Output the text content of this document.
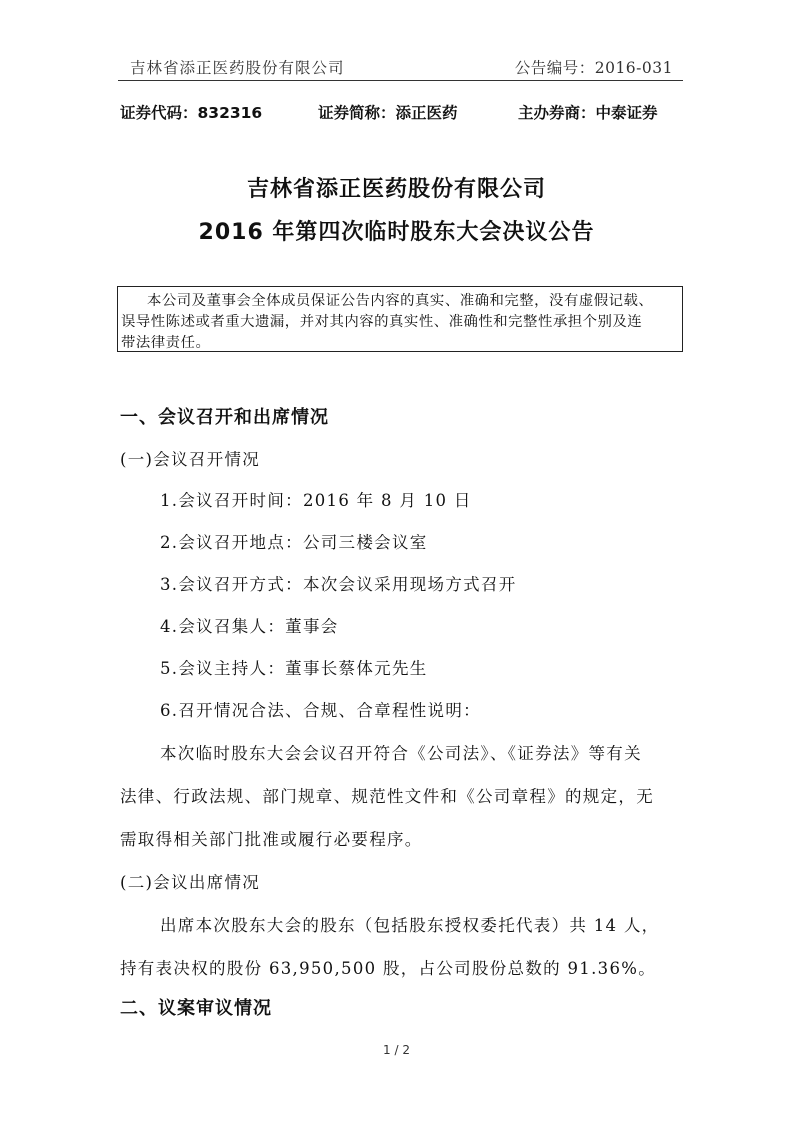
吉林省添正医药股份有限公司	公告编号：2016-031
证券代码：832316	证券简称：添正医药	主办券商：中泰证券
吉林省添正医药股份有限公司
2016 年第四次临时股东大会决议公告
本公司及董事会全体成员保证公告内容的真实、准确和完整，没有虚假记载、
误导性陈述或者重大遗漏，并对其内容的真实性、准确性和完整性承担个别及连
带法律责任。
一、会议召开和出席情况
(一)会议召开情况
1.会议召开时间：2016 年 8 月 10 日
2.会议召开地点：公司三楼会议室
3.会议召开方式：本次会议采用现场方式召开
4.会议召集人：董事会
5.会议主持人：董事长蔡体元先生
6.召开情况合法、合规、合章程性说明：
本次临时股东大会会议召开符合《公司法》、《证券法》等有关
法律、行政法规、部门规章、规范性文件和《公司章程》的规定，无
需取得相关部门批准或履行必要程序。
(二)会议出席情况
出席本次股东大会的股东（包括股东授权委托代表）共 14 人，
持有表决权的股份 63,950,500 股，占公司股份总数的 91.36%。
二、议案审议情况
1 / 2
